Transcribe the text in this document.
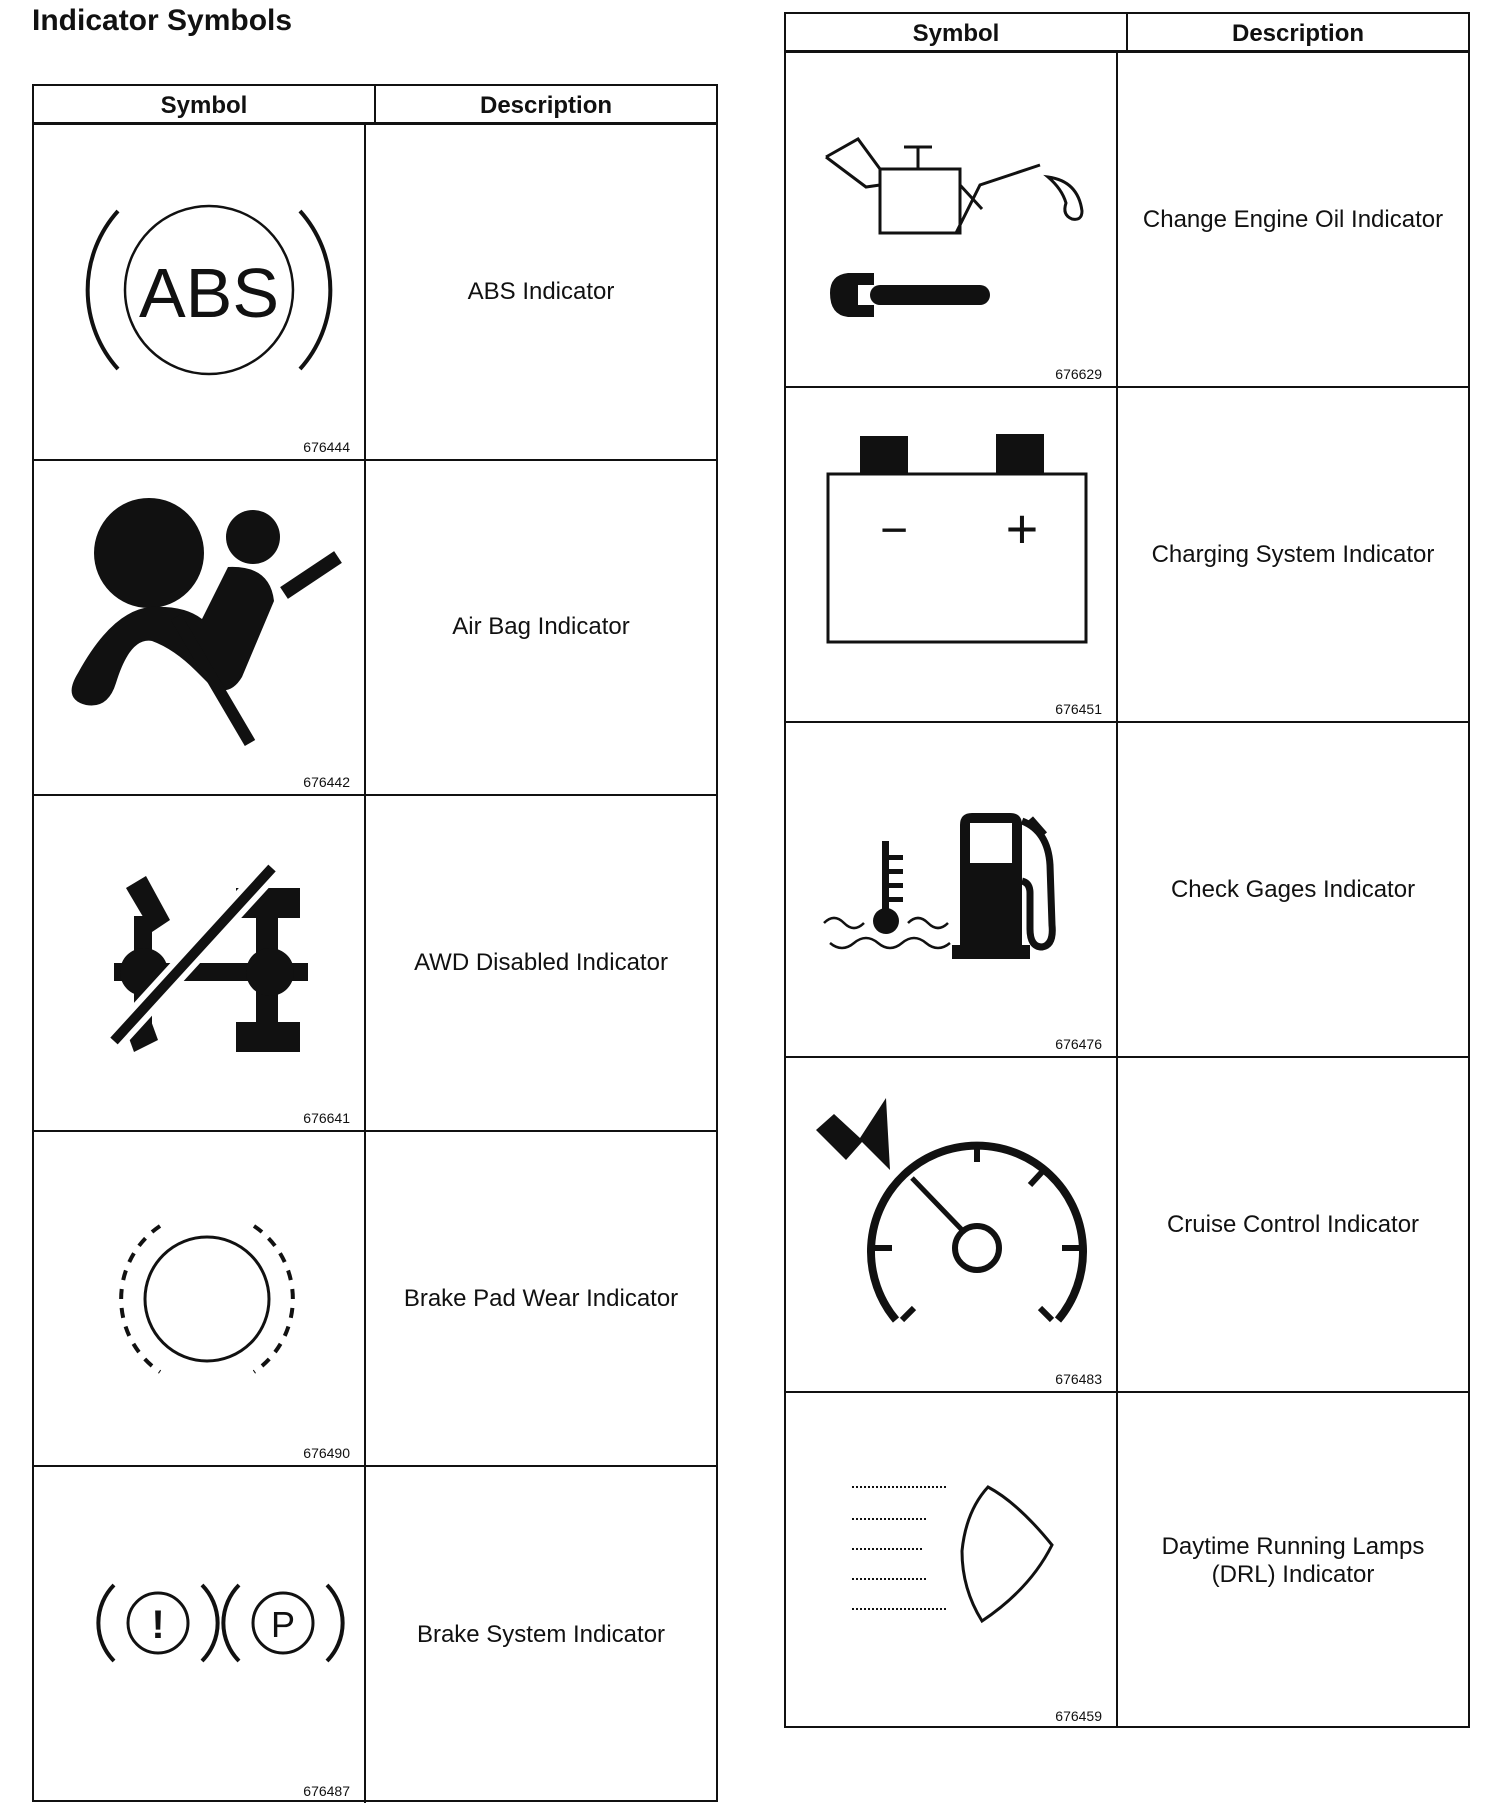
Indicator Symbols
Symbol	Description
ABS
676444
ABS Indicator
676442
Air Bag Indicator
676641
AWD Disabled Indicator
676490
Brake Pad Wear Indicator
!	P
676487
Brake System Indicator
Symbol	Description
676629
Change Engine Oil Indicator
− +
676451
Charging System Indicator
676476
Check Gages Indicator
676483
Cruise Control Indicator
676459
Daytime Running Lamps (DRL) Indicator
